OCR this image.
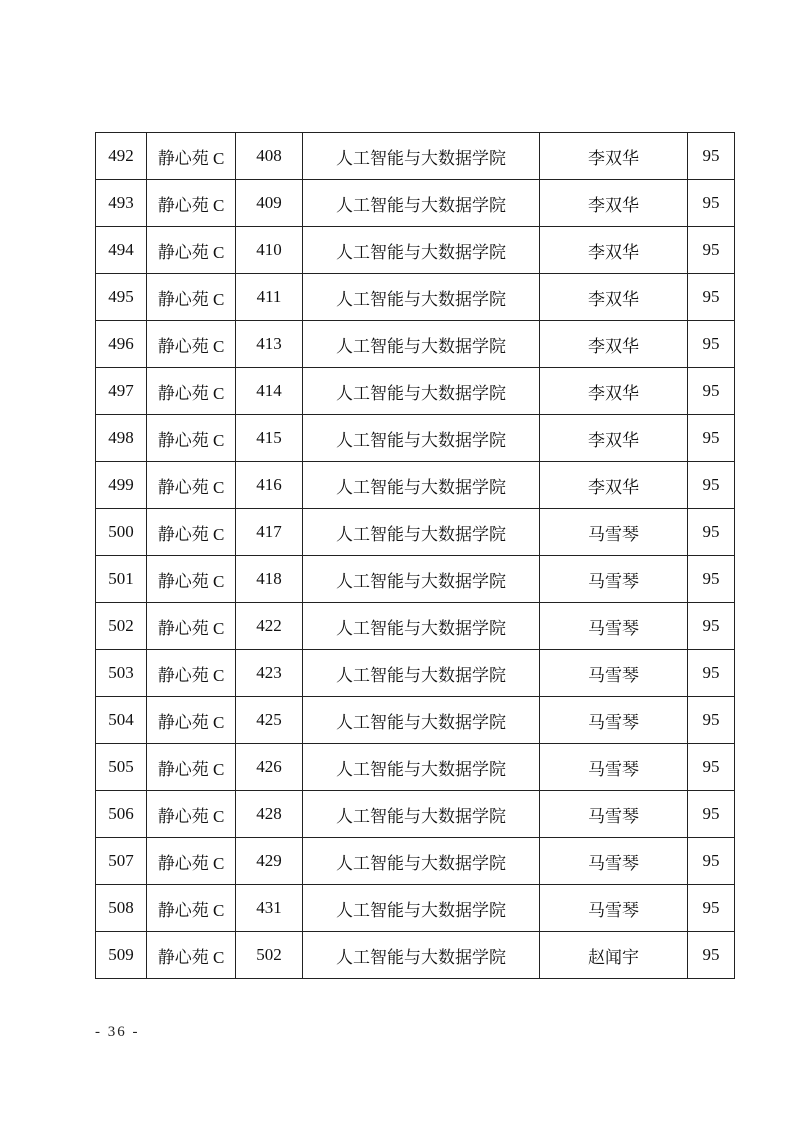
492	静心苑 C	408	人工智能与大数据学院	李双华	95
493	静心苑 C	409	人工智能与大数据学院	李双华	95
494	静心苑 C	410	人工智能与大数据学院	李双华	95
495	静心苑 C	411	人工智能与大数据学院	李双华	95
496	静心苑 C	413	人工智能与大数据学院	李双华	95
497	静心苑 C	414	人工智能与大数据学院	李双华	95
498	静心苑 C	415	人工智能与大数据学院	李双华	95
499	静心苑 C	416	人工智能与大数据学院	李双华	95
500	静心苑 C	417	人工智能与大数据学院	马雪琴	95
501	静心苑 C	418	人工智能与大数据学院	马雪琴	95
502	静心苑 C	422	人工智能与大数据学院	马雪琴	95
503	静心苑 C	423	人工智能与大数据学院	马雪琴	95
504	静心苑 C	425	人工智能与大数据学院	马雪琴	95
505	静心苑 C	426	人工智能与大数据学院	马雪琴	95
506	静心苑 C	428	人工智能与大数据学院	马雪琴	95
507	静心苑 C	429	人工智能与大数据学院	马雪琴	95
508	静心苑 C	431	人工智能与大数据学院	马雪琴	95
509	静心苑 C	502	人工智能与大数据学院	赵闻宇	95
- 36 -
